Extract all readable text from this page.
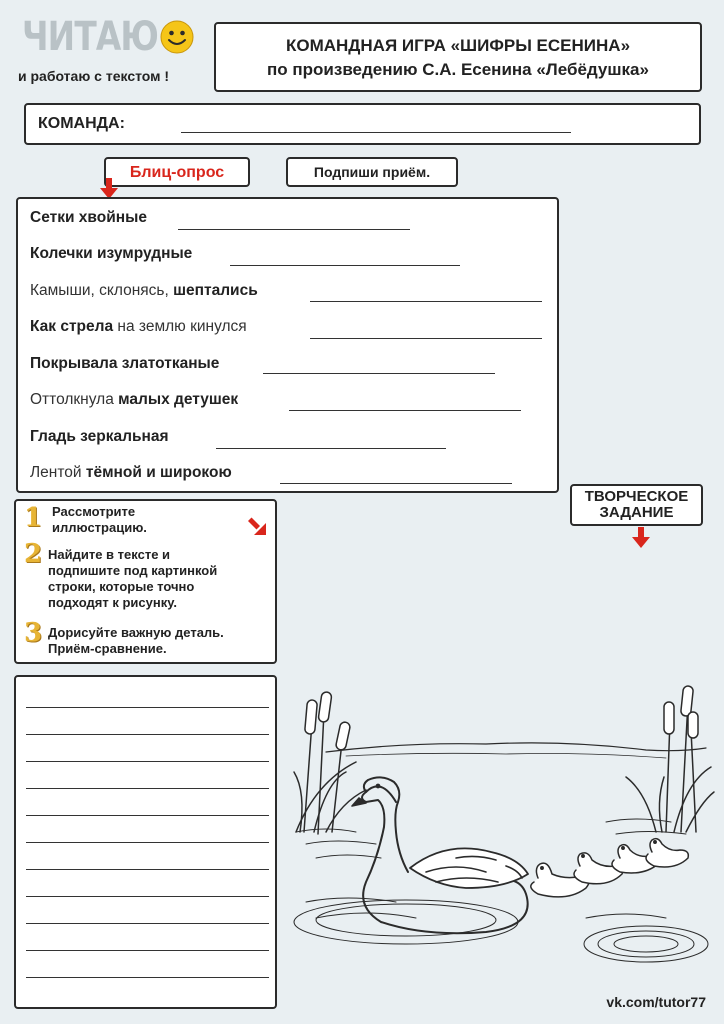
ЧИТАЮ
и работаю с текстом !
КОМАНДНАЯ ИГРА «ШИФРЫ ЕСЕНИНА»
по произведению С.А. Есенина «Лебёдушка»
КОМАНДА:
Блиц-опрос	Подпиши приём.
Сетки хвойные
Колечки изумрудные
Камыши, склонясь, шептались
Как стрела на землю кинулся
Покрывала златотканые
Оттолкнула малых детушек
Гладь зеркальная
Лентой тёмной и широкою
1 Рассмотрите
иллюстрацию.
2 Найдите в тексте и
подпишите под картинкой
строки, которые точно
подходят к рисунку.
3 Дорисуйте важную деталь.
Приём-сравнение.
ТВОРЧЕСКОЕ
ЗАДАНИЕ
vk.com/tutor77
